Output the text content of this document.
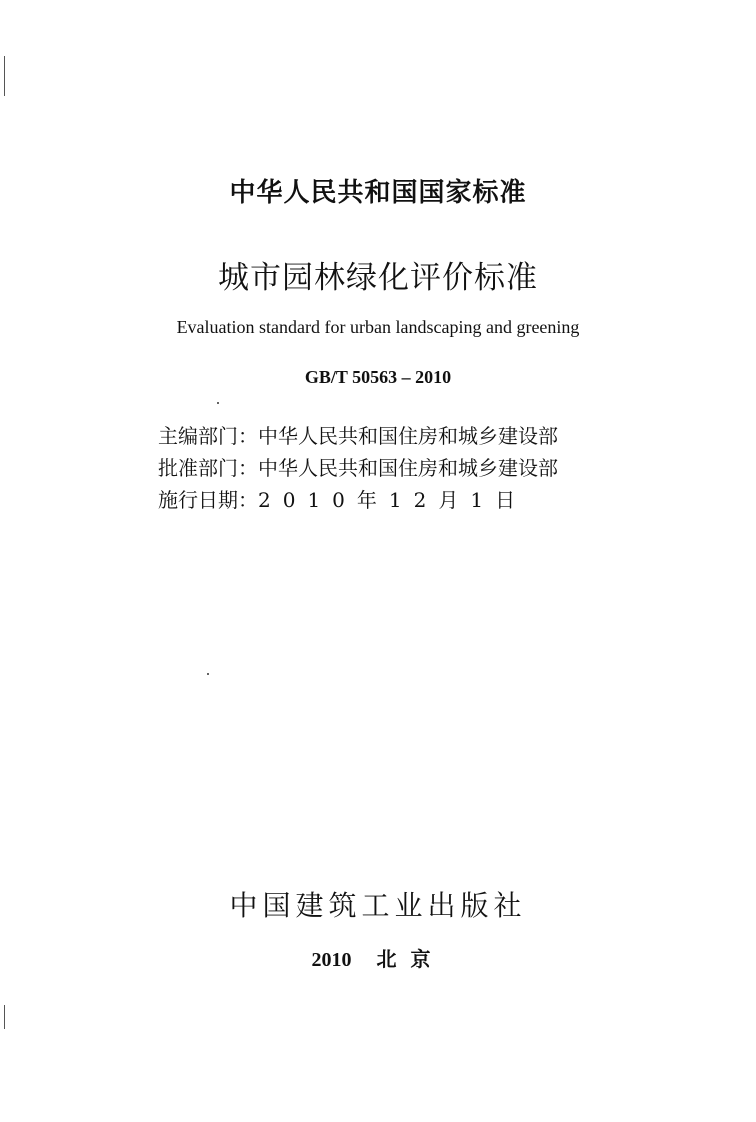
中华人民共和国国家标准
城市园林绿化评价标准
Evaluation standard for urban landscaping and greening
GB/T 50563 – 2010
主编部门：中华人民共和国住房和城乡建设部
批准部门：中华人民共和国住房和城乡建设部
施行日期：2010年12月1日
中国建筑工业出版社
2010 北京
